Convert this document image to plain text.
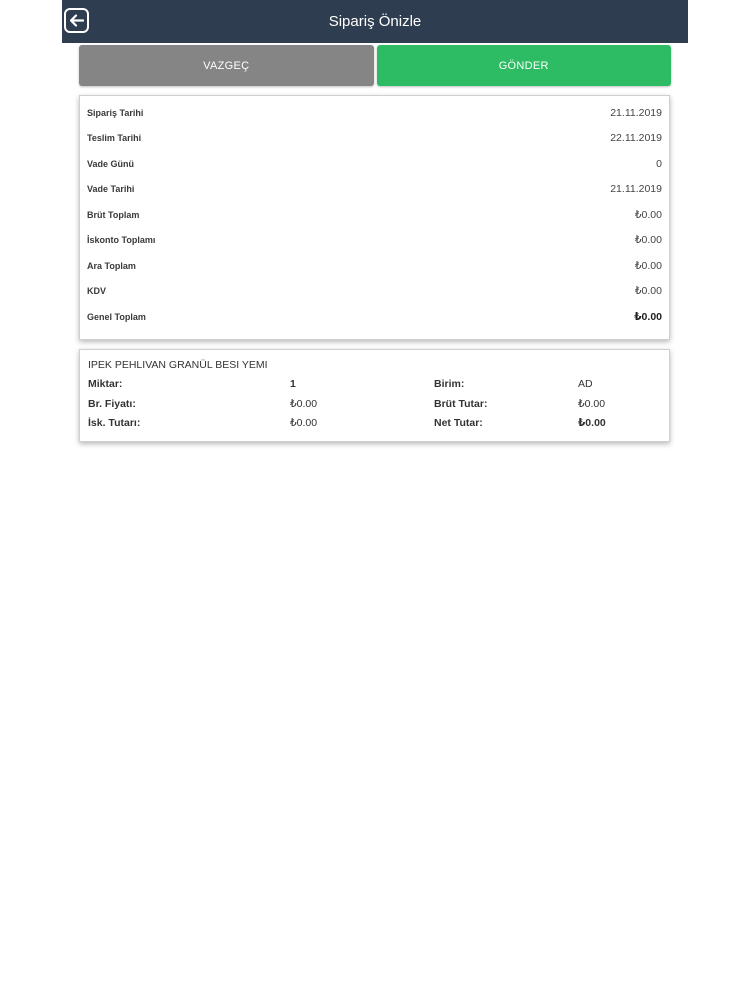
Sipariş Önizle
VAZGEÇ	GÖNDER
Sipariş Tarihi	21.11.2019
Teslim Tarihi	22.11.2019
Vade Günü	0
Vade Tarihi	21.11.2019
Brüt Toplam	₺0.00
İskonto Toplamı	₺0.00
Ara Toplam	₺0.00
KDV	₺0.00
Genel Toplam	₺0.00
IPEK PEHLIVAN GRANÜL BESI YEMI
Miktar:	1	Birim:	AD
Br. Fiyatı:	₺0.00	Brüt Tutar:	₺0.00
İsk. Tutarı:	₺0.00	Net Tutar:	₺0.00
